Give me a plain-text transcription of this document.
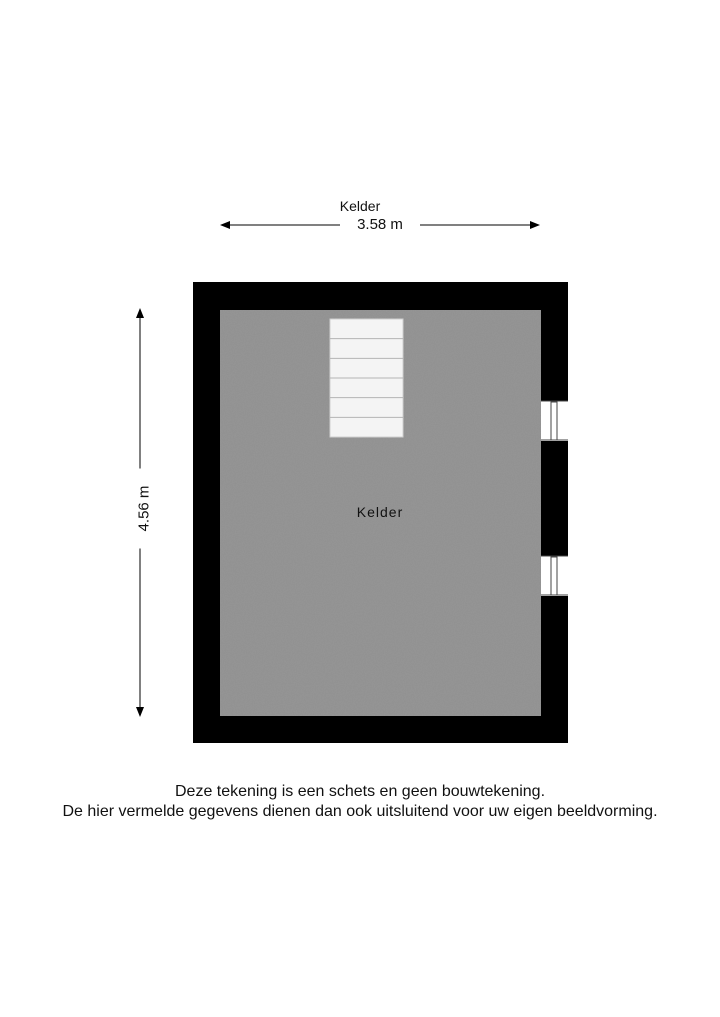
Kelder
3.58 m
4.56 m	Kelder
Deze tekening is een schets en geen bouwtekening.
De hier vermelde gegevens dienen dan ook uitsluitend voor uw eigen beeldvorming.
